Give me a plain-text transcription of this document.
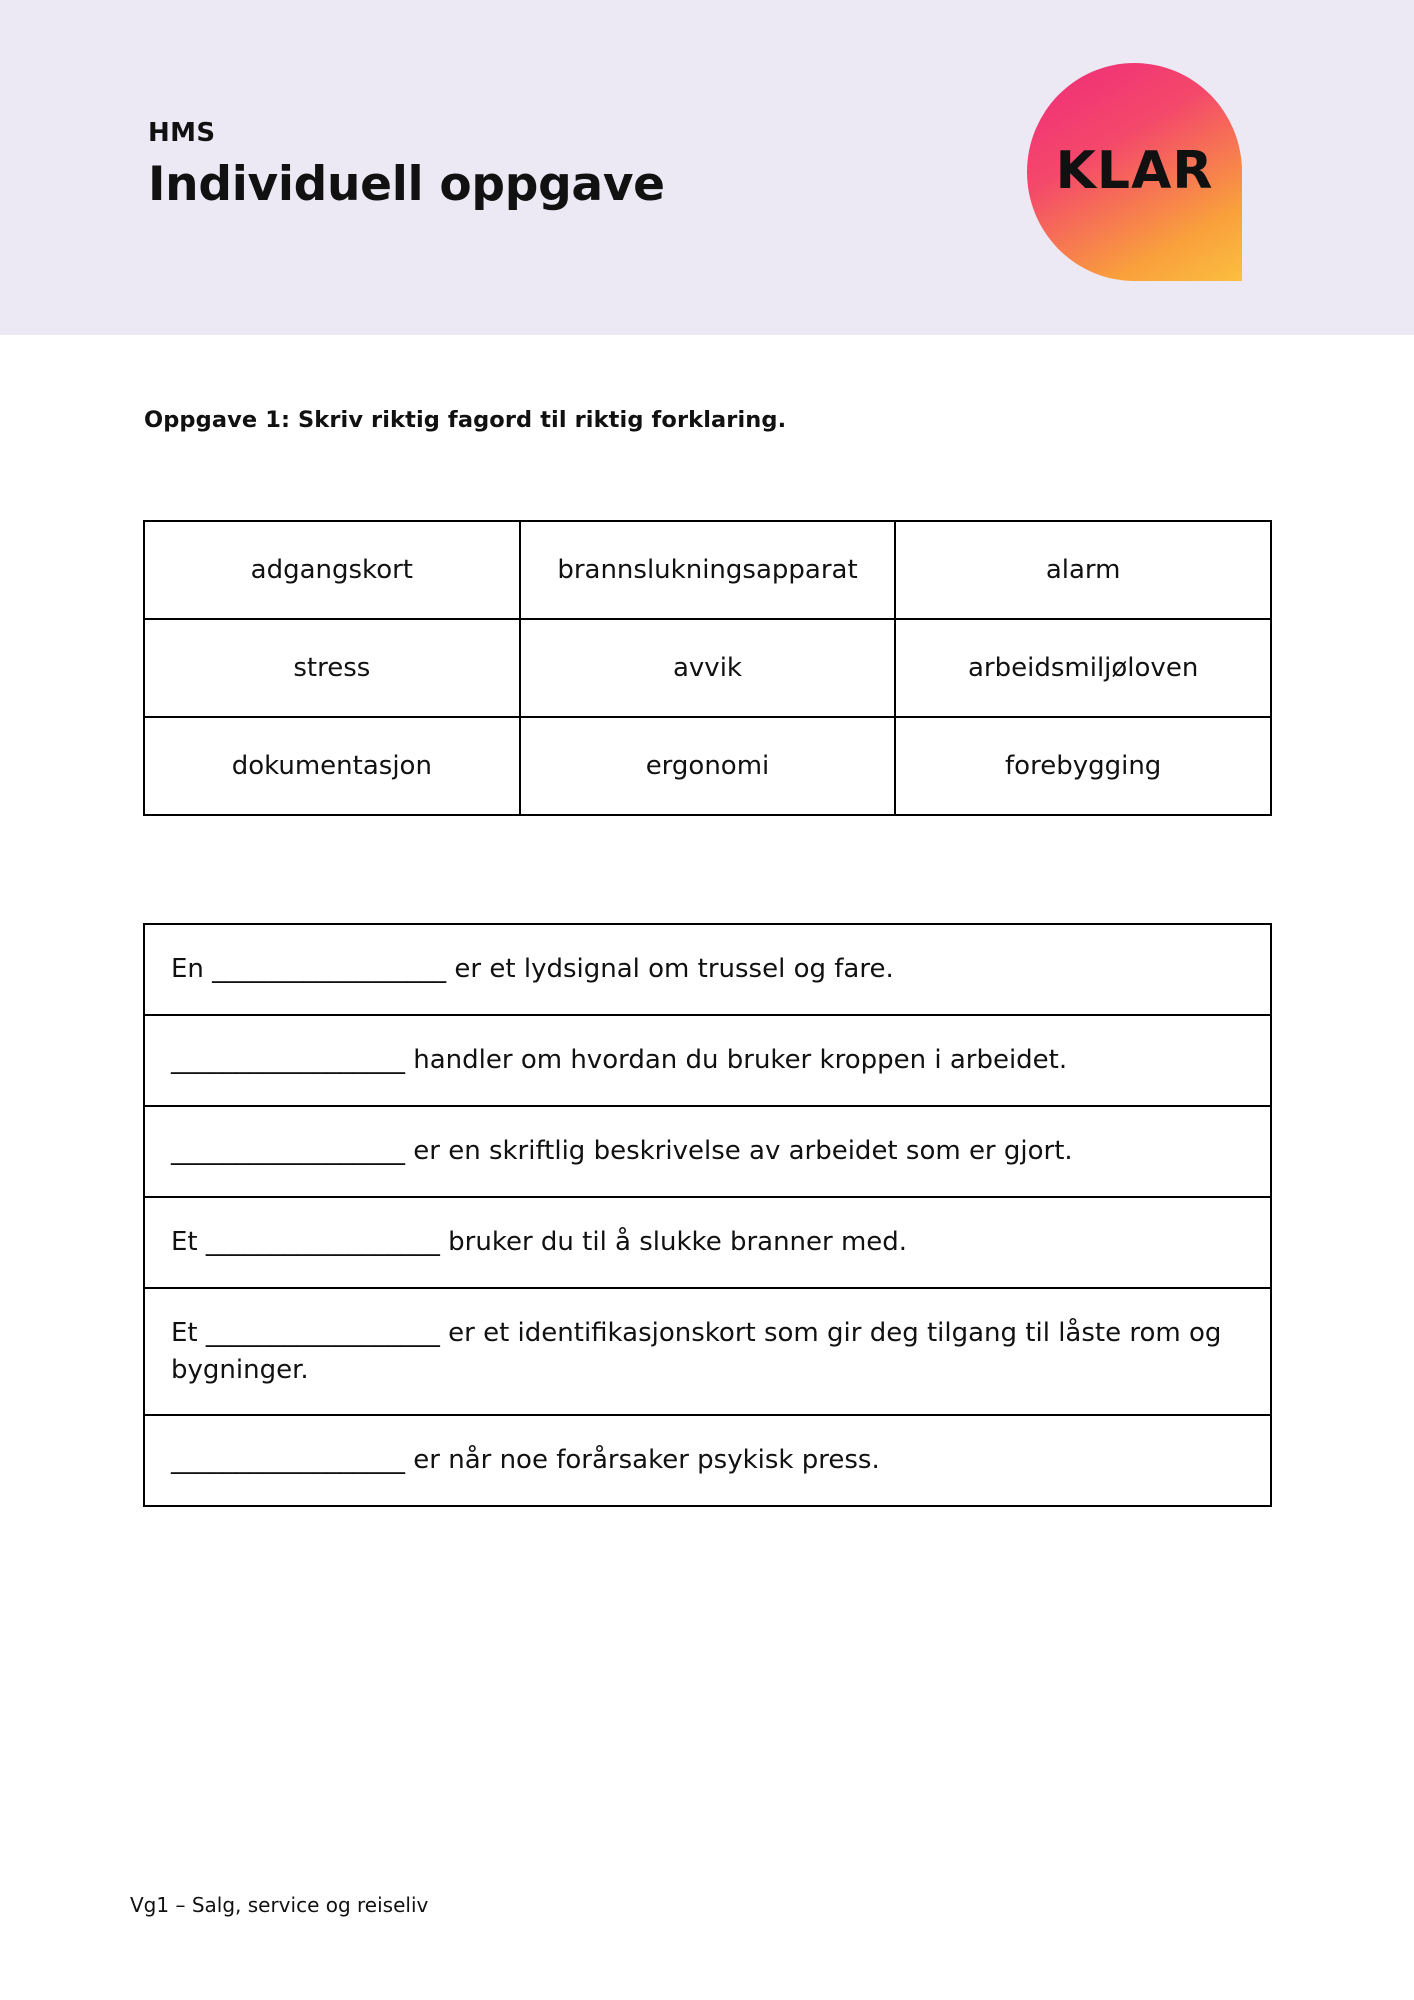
HMS

Individuell oppgave	KLAR
Oppgave 1: Skriv riktig fagord til riktig forklaring.
adgangskort	brannslukningsapparat	alarm
stress	avvik	arbeidsmiljøloven
dokumentasjon	ergonomi	forebygging
En __________________ er et lydsignal om trussel og fare.
__________________ handler om hvordan du bruker kroppen i arbeidet.
__________________ er en skriftlig beskrivelse av arbeidet som er gjort.
Et __________________ bruker du til å slukke branner med.
Et __________________ er et identifikasjonskort som gir deg tilgang til låste rom og bygninger.
__________________ er når noe forårsaker psykisk press.
Vg1 – Salg, service og reiseliv
